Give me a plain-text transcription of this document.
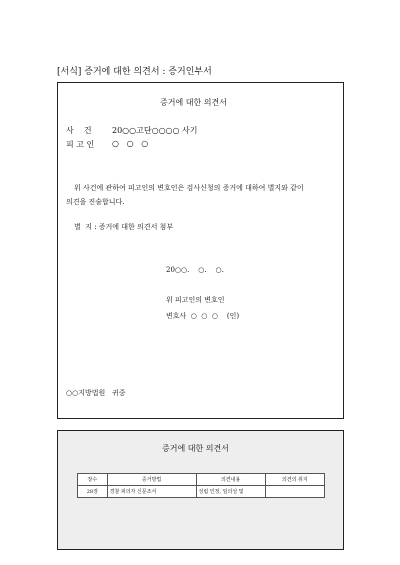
[서식] 증거에 대한 의견서 : 증거인부서
증거에 대한 의견서
사    건	20○○고단○○○○ 사기
피 고 인 ○   ○   ○
위 사건에 관하여 피고인의 변호인은 검사신청의 증거에 대하여 별지와 같이
의견을 진술합니다.
별  지 : 증거에 대한 의견서 첨부
20○○.    ○.    ○.
위 피고인의 변호인
변호사  ○  ○  ○    (인)
○○지방법원   귀중
증거에 대한 의견서
장수	증거방법	의견내용	의견의 취지
28장	경찰 피의자 신문조서	성립 인정, 임의성 및	
